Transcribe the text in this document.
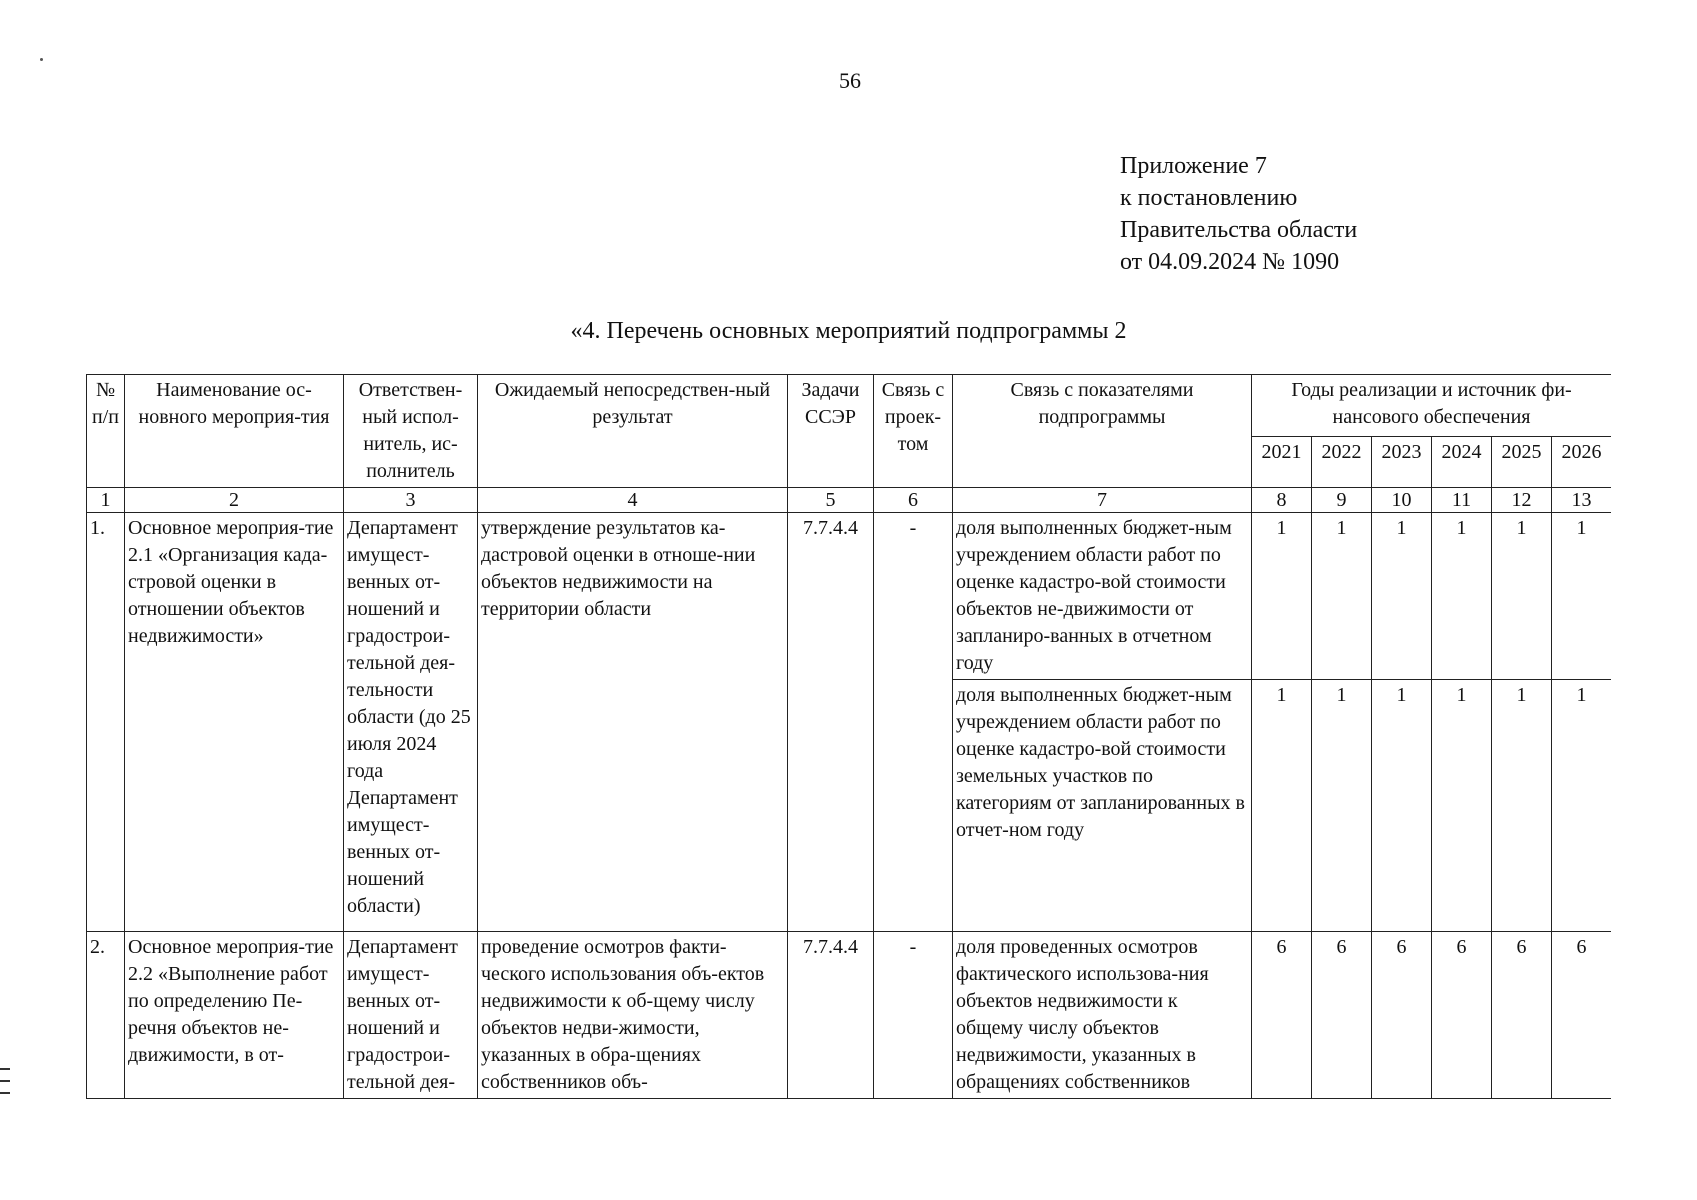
56
Приложение 7
к постановлению
Правительства области
от 04.09.2024 № 1090
«4. Перечень основных мероприятий подпрограммы 2
№ п/п	Наименование ос-новного мероприя-тия	Ответствен-ный испол-нитель, ис-полнитель	Ожидаемый непосредствен-ный результат	Задачи ССЭР	Связь с проек-том	Связь с показателями подпрограммы	Годы реализации и источник фи-нансового обеспечения					
							2021	2022	2023	2024	2025	2026
1	2	3	4	5	6	7	8	9	10	11	12	13
1.	Основное мероприя-тие 2.1 «Организация када-стровой оценки в отношении объектов недвижимости»	Департамент имущест-венных от-ношений и градострои-тельной дея-тельности области (до 25 июля 2024 года Департамент имущест-венных от-ношений области)	утверждение результатов ка-дастровой оценки в отноше-нии объектов недвижимости на территории области	7.7.4.4	-	доля выполненных бюджет-ным учреждением области работ по оценке кадастро-вой стоимости объектов не-движимости от запланиро-ванных в отчетном году	1	1	1	1	1	1
						доля выполненных бюджет-ным учреждением области работ по оценке кадастро-вой стоимости земельных участков по категориям от запланированных в отчет-ном году	1	1	1	1	1	1
2.	Основное мероприя-тие 2.2 «Выполнение работ по определению Пе-речня объектов не-движимости, в от-	Департамент имущест-венных от-ношений и градострои-тельной дея-	проведение осмотров факти-ческого использования объ-ектов недвижимости к об-щему числу объектов недви-жимости, указанных в обра-щениях собственников объ-	7.7.4.4	-	доля проведенных осмотров фактического использова-ния объектов недвижимости к общему числу объектов недвижимости, указанных в обращениях собственников	6	6	6	6	6	6
